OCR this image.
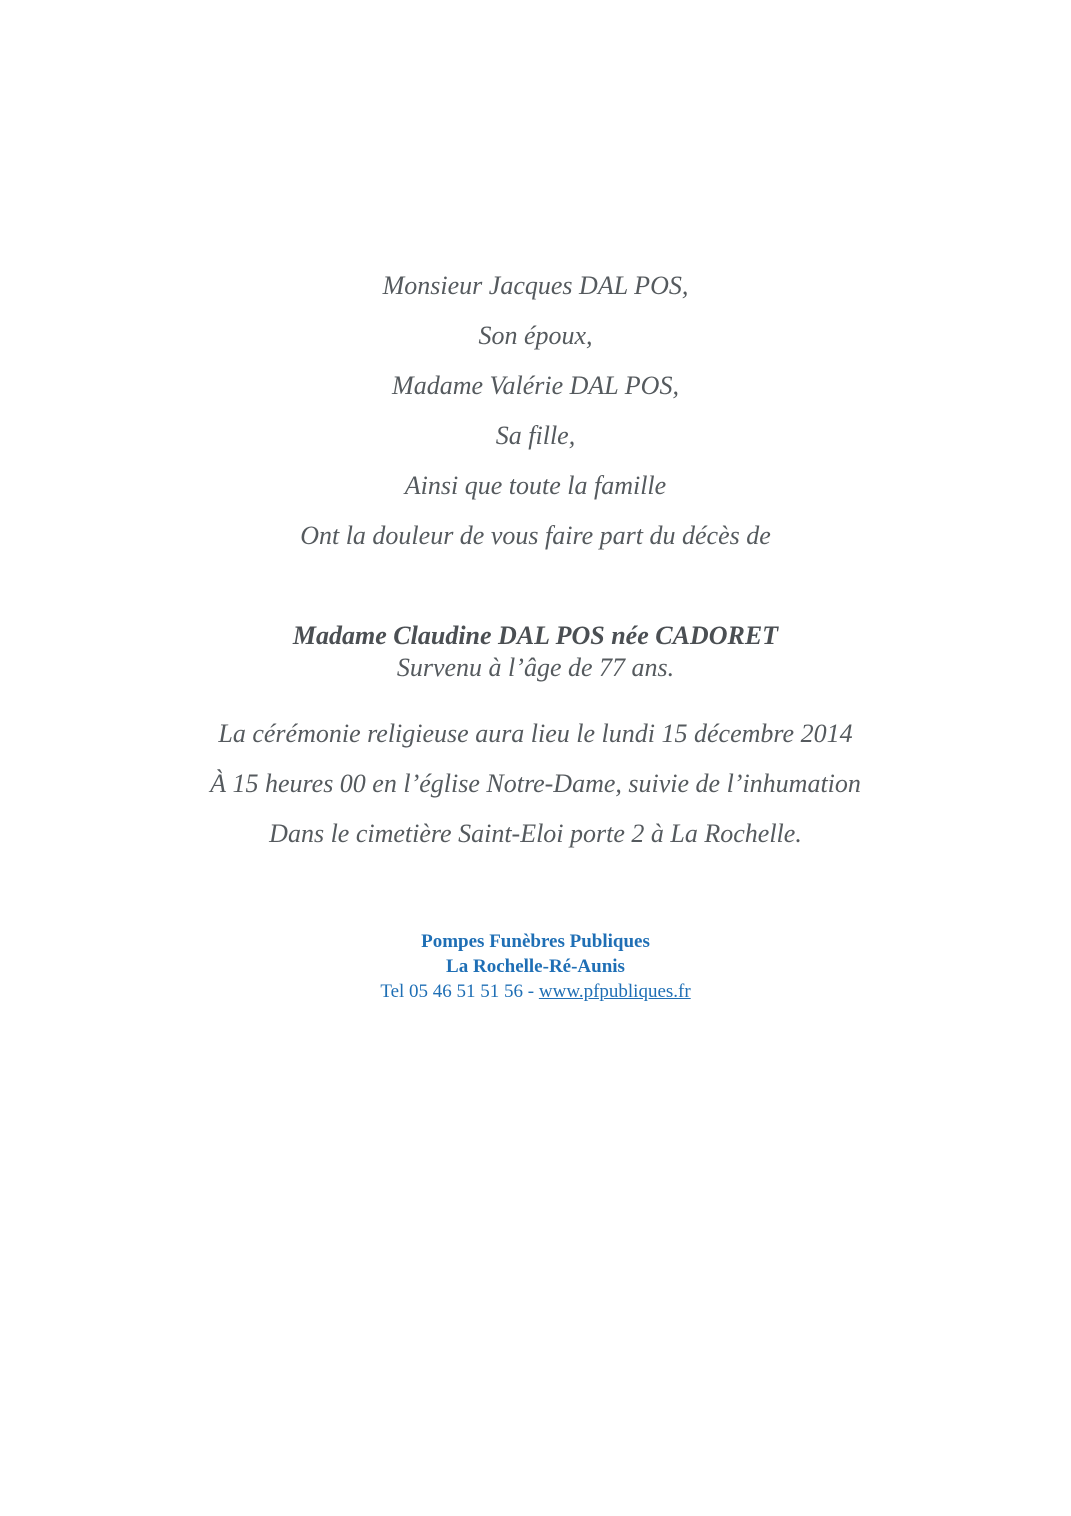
Monsieur Jacques DAL POS,
Son époux,
Madame Valérie DAL POS,
Sa fille,
Ainsi que toute la famille
Ont la douleur de vous faire part du décès de
Madame Claudine DAL POS née CADORET
Survenu à l’âge de 77 ans.
La cérémonie religieuse aura lieu le lundi 15 décembre 2014
À 15 heures 00 en l’église Notre-Dame, suivie de l’inhumation
Dans le cimetière Saint-Eloi porte 2 à La Rochelle.
Pompes Funèbres Publiques
La Rochelle-Ré-Aunis
Tel 05 46 51 51 56 - www.pfpubliques.fr
